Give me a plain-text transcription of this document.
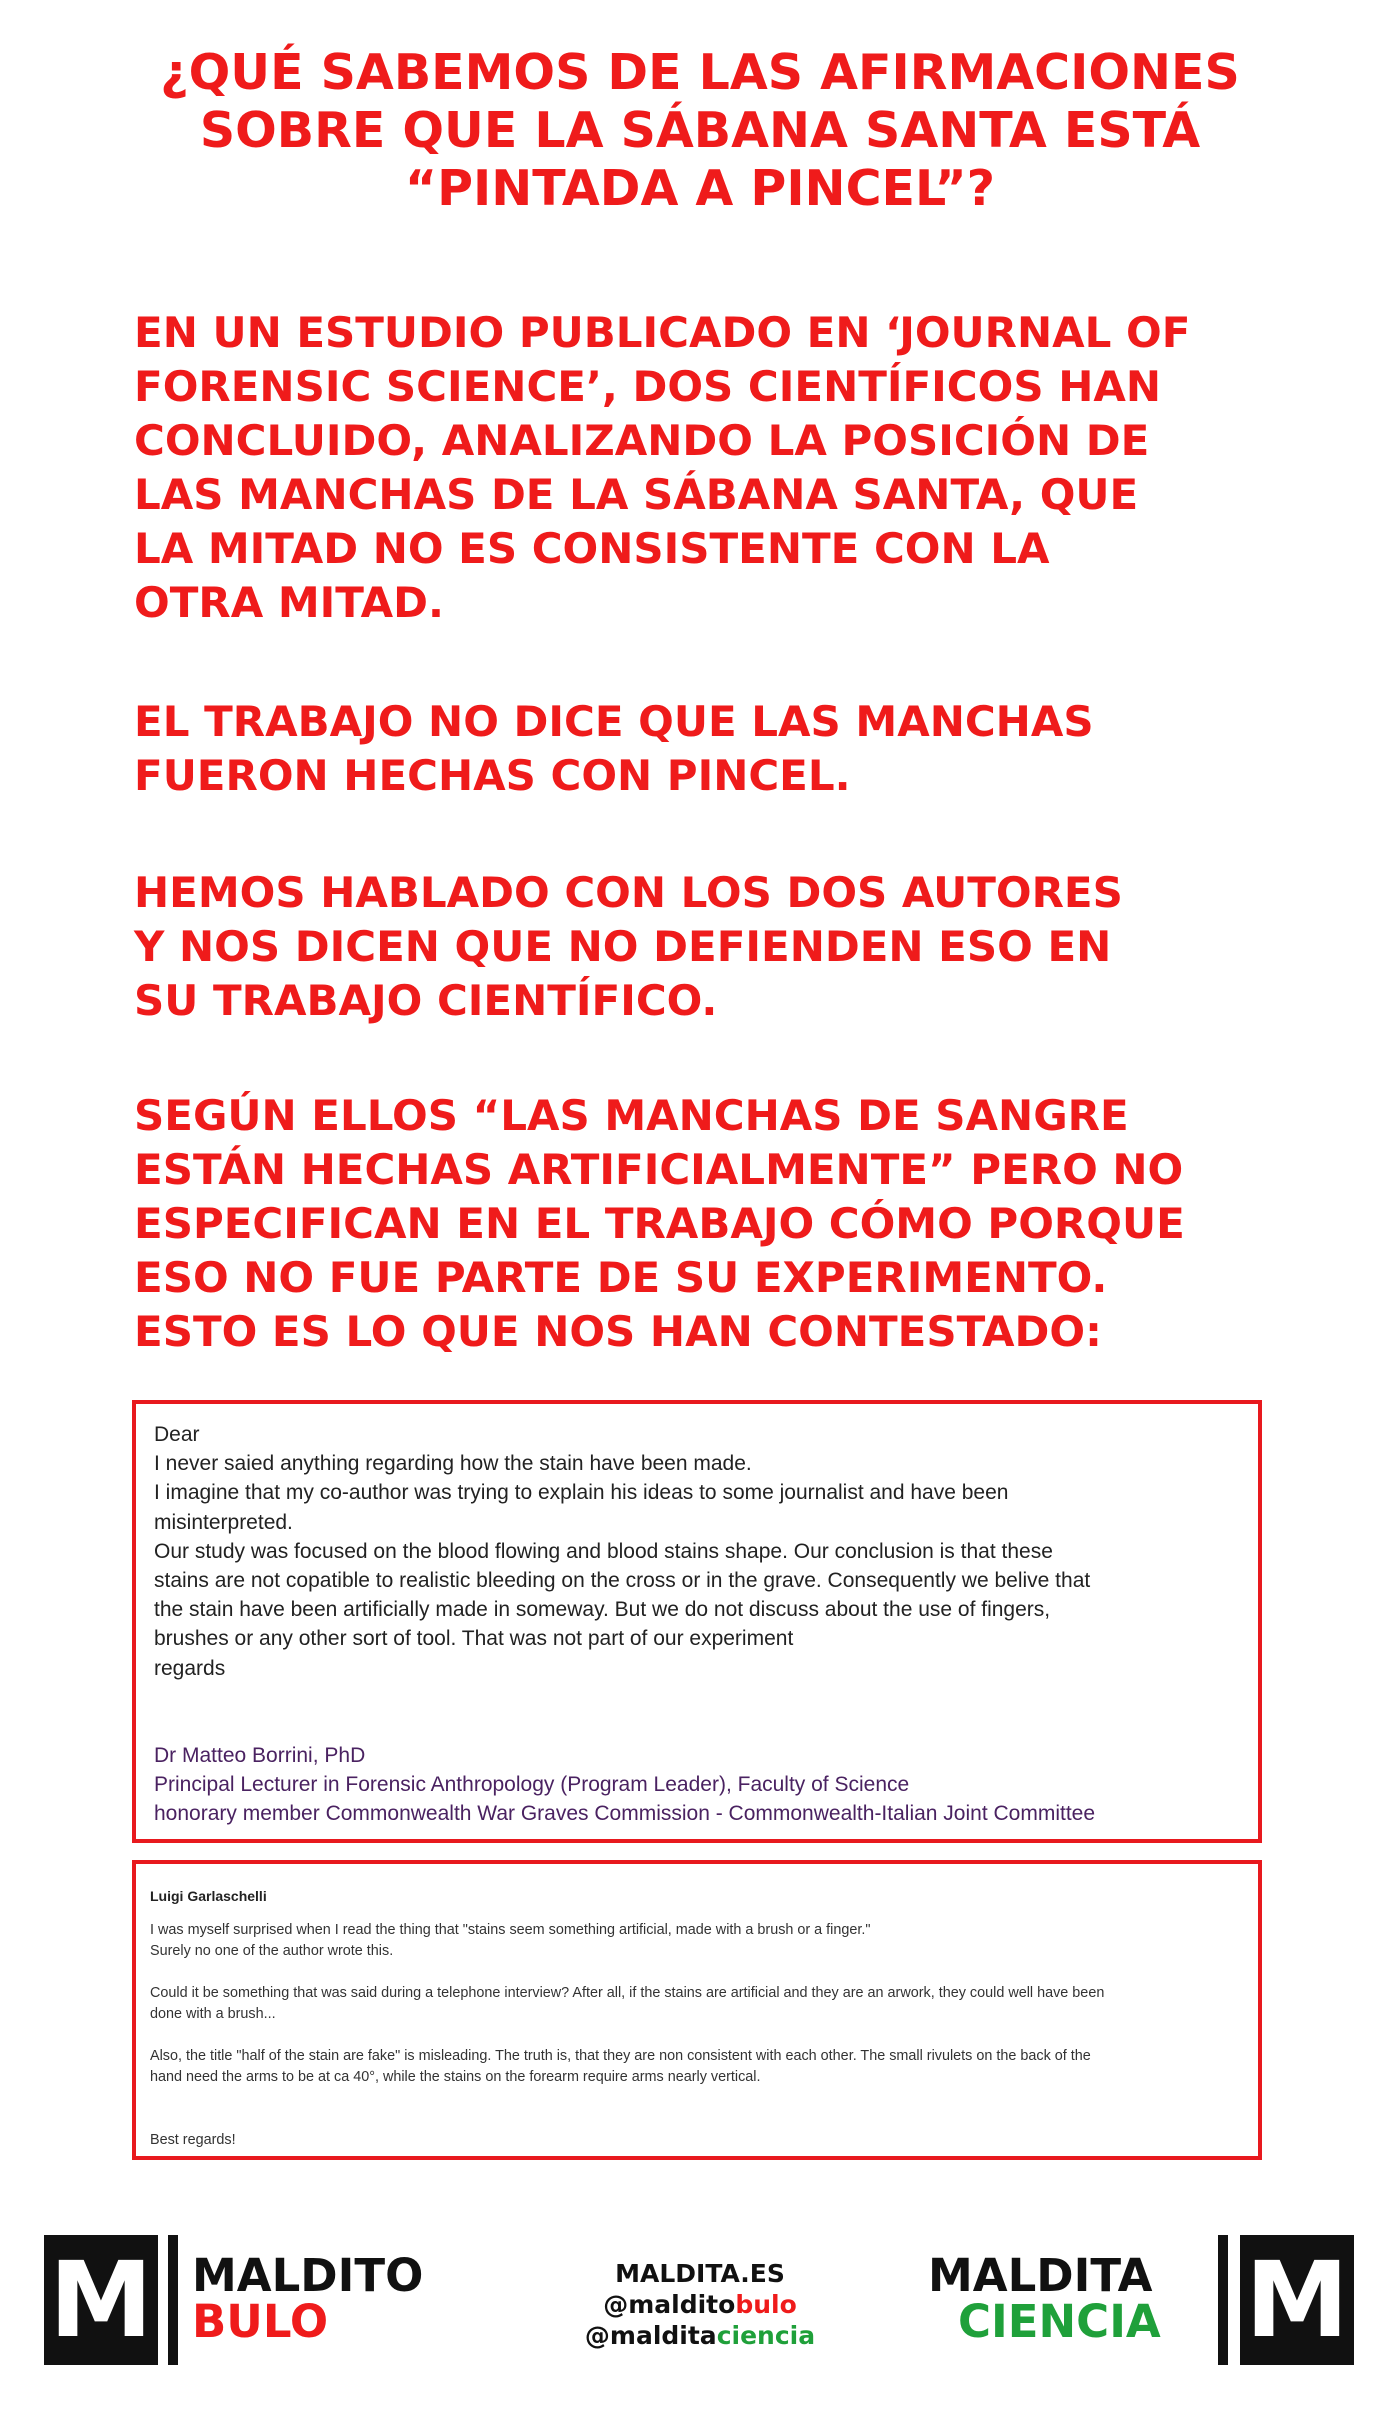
¿QUÉ SABEMOS DE LAS AFIRMACIONES
SOBRE QUE LA SÁBANA SANTA ESTÁ
“PINTADA A PINCEL”?
EN UN ESTUDIO PUBLICADO EN ‘JOURNAL OF
FORENSIC SCIENCE’, DOS CIENTÍFICOS HAN
CONCLUIDO, ANALIZANDO LA POSICIÓN DE
LAS MANCHAS DE LA SÁBANA SANTA, QUE
LA MITAD NO ES CONSISTENTE CON LA
OTRA MITAD.
EL TRABAJO NO DICE QUE LAS MANCHAS
FUERON HECHAS CON PINCEL.
HEMOS HABLADO CON LOS DOS AUTORES
Y NOS DICEN QUE NO DEFIENDEN ESO EN
SU TRABAJO CIENTÍFICO.
SEGÚN ELLOS “LAS MANCHAS DE SANGRE
ESTÁN HECHAS ARTIFICIALMENTE” PERO NO
ESPECIFICAN EN EL TRABAJO CÓMO PORQUE
ESO NO FUE PARTE DE SU EXPERIMENTO.
ESTO ES LO QUE NOS HAN CONTESTADO:
Dear
I never saied anything regarding how the stain have been made.
I imagine that my co-author was trying to explain his ideas to some journalist and have been
misinterpreted.
Our study was focused on the blood flowing and blood stains shape. Our conclusion is that these
stains are not copatible to realistic bleeding on the cross or in the grave. Consequently we belive that
the stain have been artificially made in someway. But we do not discuss about the use of fingers,
brushes or any other sort of tool. That was not part of our experiment
regards
Dr Matteo Borrini, PhD
Principal Lecturer in Forensic Anthropology (Program Leader), Faculty of Science
honorary member Commonwealth War Graves Commission - Commonwealth-Italian Joint Committee
Luigi Garlaschelli
I was myself surprised when I read the thing that "stains seem something artificial, made with a brush or a finger."
Surely no one of the author wrote this.
Could it be something that was said during a telephone interview? After all, if the stains are artificial and they are an arwork, they could well have been
done with a brush...
Also, the title "half of the stain are fake" is misleading. The truth is, that they are non consistent with each other. The small rivulets on the back of the
hand need the arms to be at ca 40°, while the stains on the forearm require arms nearly vertical.
Best regards!
M MALDITO
BULO
MALDITA.ES
@malditobulo
@malditaciencia
MALDITA
CIENCIA M
